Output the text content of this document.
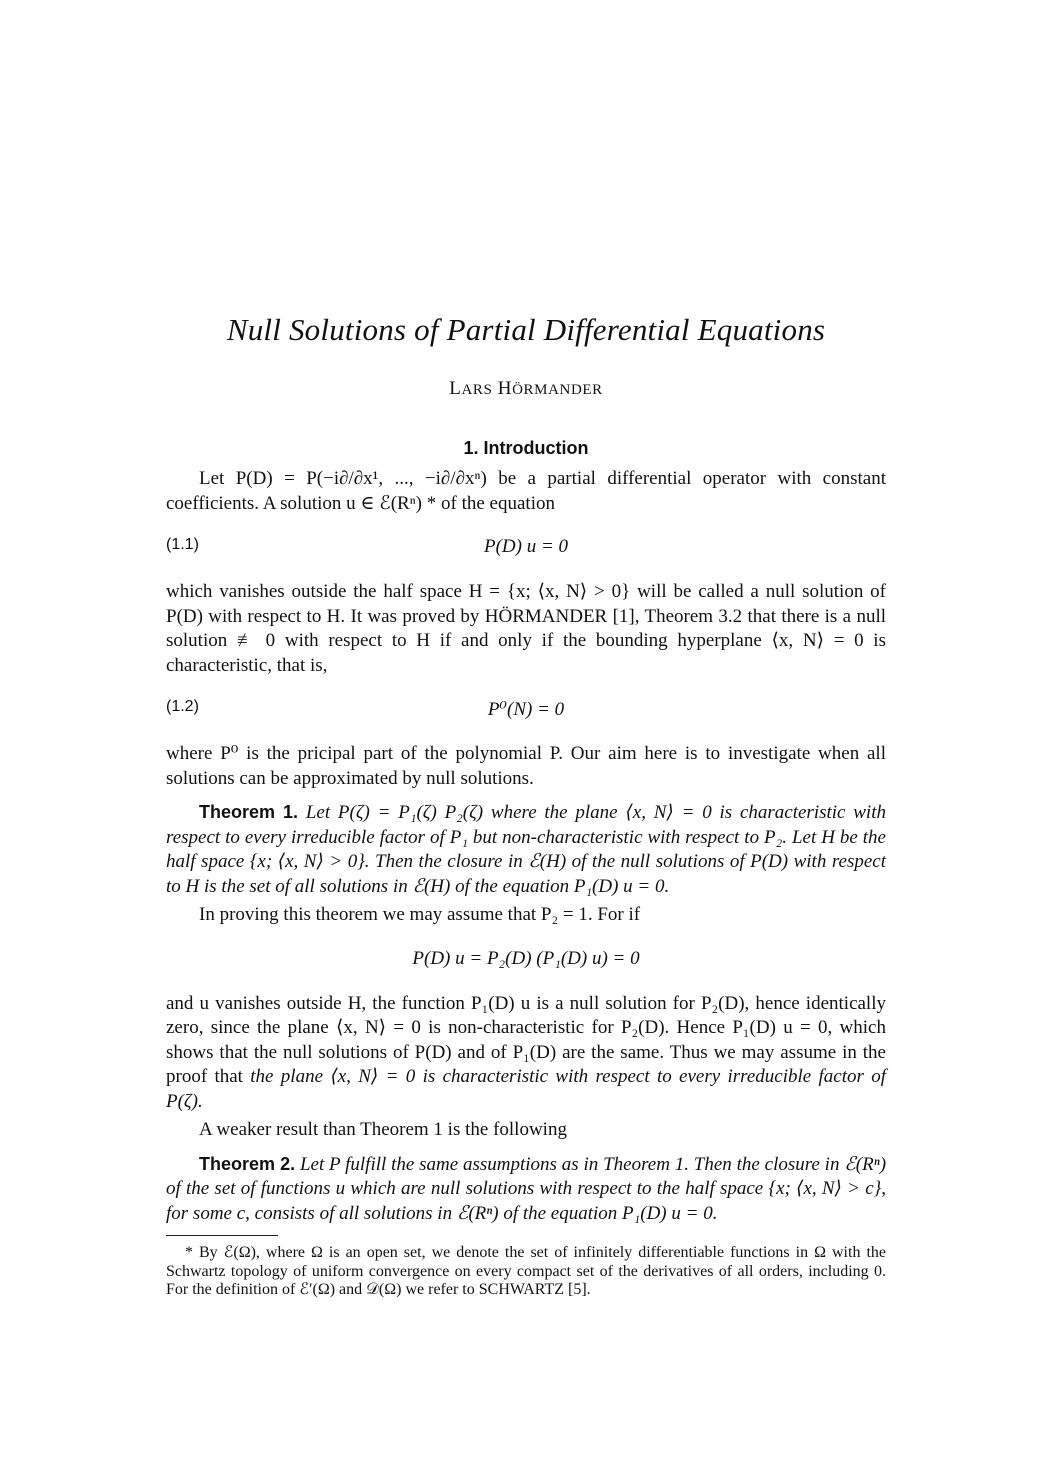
Null Solutions of Partial Differential Equations
LARS HÖRMANDER
1. Introduction

Let P(D) = P(−i∂/∂x¹, ..., −i∂/∂xⁿ) be a partial differential operator with constant coefficients. A solution u ∈ ℰ(Rⁿ) * of the equation

(1.1)	P(D) u = 0

which vanishes outside the half space H = {x; ⟨x, N⟩ > 0} will be called a null solution of P(D) with respect to H. It was proved by HÖRMANDER [1], Theorem 3.2 that there is a null solution ≢ 0 with respect to H if and only if the bounding hyperplane ⟨x, N⟩ = 0 is characteristic, that is,

(1.2)	P⁰(N) = 0

where P⁰ is the pricipal part of the polynomial P. Our aim here is to investigate when all solutions can be approximated by null solutions.

Theorem 1. Let P(ζ) = P₁(ζ) P₂(ζ) where the plane ⟨x, N⟩ = 0 is characteristic with respect to every irreducible factor of P₁ but non-characteristic with respect to P₂. Let H be the half space {x; ⟨x, N⟩ > 0}. Then the closure in ℰ(H) of the null solutions of P(D) with respect to H is the set of all solutions in ℰ(H) of the equation P₁(D) u = 0.

In proving this theorem we may assume that P₂ = 1. For if

P(D) u = P₂(D) (P₁(D) u) = 0

and u vanishes outside H, the function P₁(D) u is a null solution for P₂(D), hence identically zero, since the plane ⟨x, N⟩ = 0 is non-characteristic for P₂(D). Hence P₁(D) u = 0, which shows that the null solutions of P(D) and of P₁(D) are the same. Thus we may assume in the proof that the plane ⟨x, N⟩ = 0 is characteristic with respect to every irreducible factor of P(ζ).

A weaker result than Theorem 1 is the following

Theorem 2. Let P fulfill the same assumptions as in Theorem 1. Then the closure in ℰ(Rⁿ) of the set of functions u which are null solutions with respect to the half space {x; ⟨x, N⟩ > c}, for some c, consists of all solutions in ℰ(Rⁿ) of the equation P₁(D) u = 0.

* By ℰ(Ω), where Ω is an open set, we denote the set of infinitely differentiable functions in Ω with the Schwartz topology of uniform convergence on every compact set of the derivatives of all orders, including 0. For the definition of ℰ′(Ω) and 𝒟(Ω) we refer to SCHWARTZ [5].
